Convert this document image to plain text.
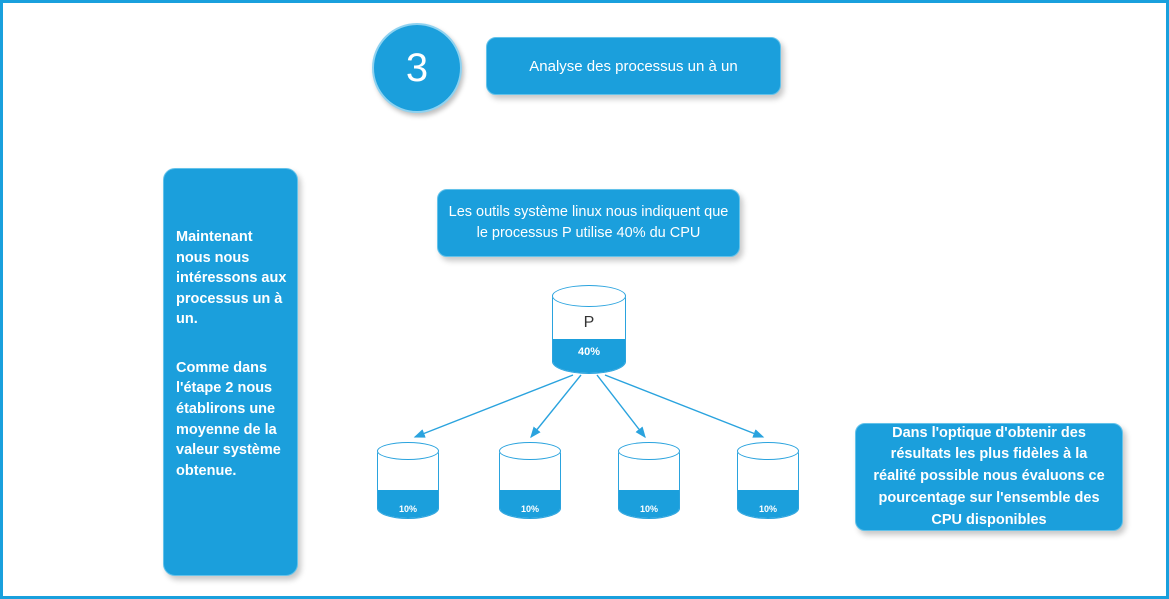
3	Analyse des processus un à un
Maintenant nous nous intéressons aux processus un à un.
Comme dans l'étape 2 nous établirons une moyenne de la valeur système obtenue.
Les outils système linux nous indiquent que le processus P utilise 40% du CPU
Dans l'optique d'obtenir des résultats les plus fidèles à la réalité possible nous évaluons ce pourcentage sur l'ensemble des CPU disponibles
P
40%
10%	10%	10%	10%
